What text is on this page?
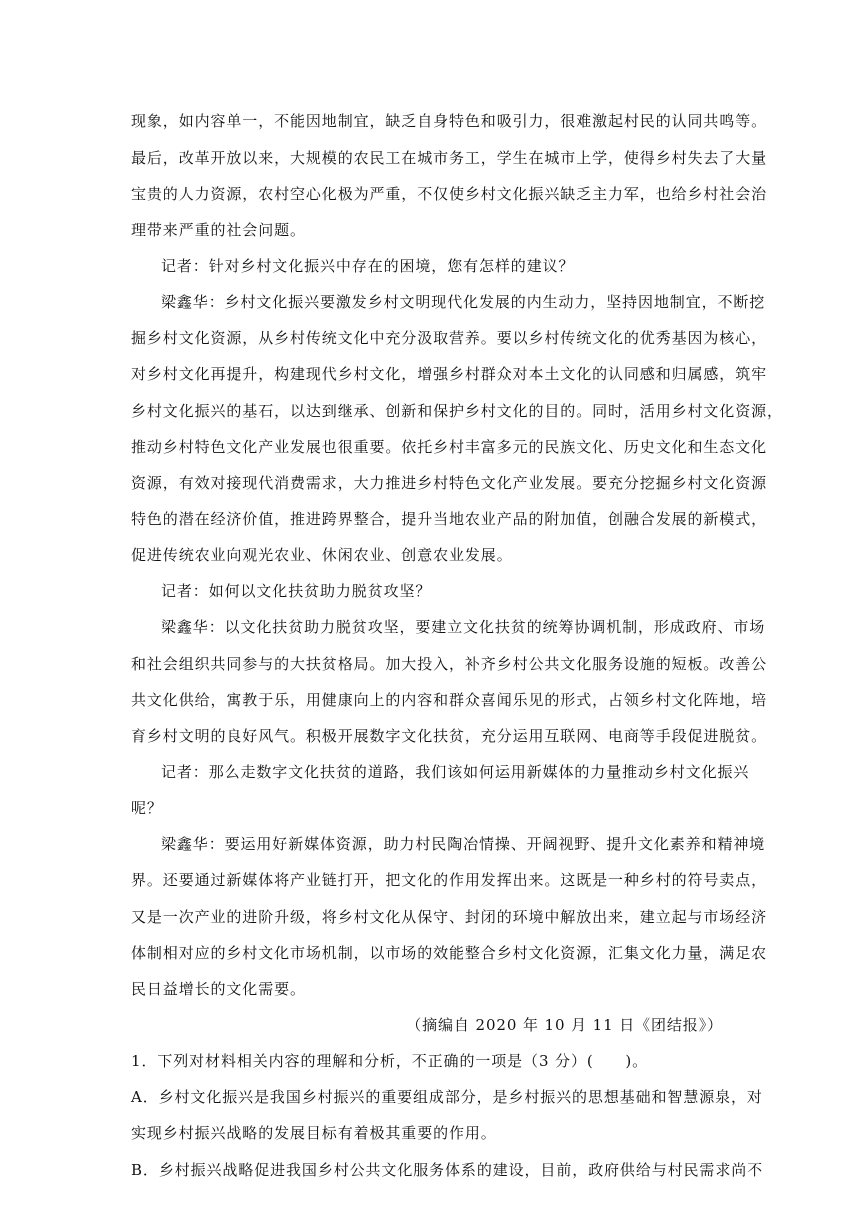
现象，如内容单一，不能因地制宜，缺乏自身特色和吸引力，很难激起村民的认同共鸣等。
最后，改革开放以来，大规模的农民工在城市务工，学生在城市上学，使得乡村失去了大量
宝贵的人力资源，农村空心化极为严重，不仅使乡村文化振兴缺乏主力军，也给乡村社会治
理带来严重的社会问题。
记者：针对乡村文化振兴中存在的困境，您有怎样的建议？
梁鑫华：乡村文化振兴要激发乡村文明现代化发展的内生动力，坚持因地制宜，不断挖
掘乡村文化资源，从乡村传统文化中充分汲取营养。要以乡村传统文化的优秀基因为核心，
对乡村文化再提升，构建现代乡村文化，增强乡村群众对本土文化的认同感和归属感，筑牢
乡村文化振兴的基石，以达到继承、创新和保护乡村文化的目的。同时，活用乡村文化资源，
推动乡村特色文化产业发展也很重要。依托乡村丰富多元的民族文化、历史文化和生态文化
资源，有效对接现代消费需求，大力推进乡村特色文化产业发展。要充分挖掘乡村文化资源
特色的潜在经济价值，推进跨界整合，提升当地农业产品的附加值，创融合发展的新模式，
促进传统农业向观光农业、休闲农业、创意农业发展。
记者：如何以文化扶贫助力脱贫攻坚？
梁鑫华：以文化扶贫助力脱贫攻坚，要建立文化扶贫的统筹协调机制，形成政府、市场
和社会组织共同参与的大扶贫格局。加大投入，补齐乡村公共文化服务设施的短板。改善公
共文化供给，寓教于乐，用健康向上的内容和群众喜闻乐见的形式，占领乡村文化阵地，培
育乡村文明的良好风气。积极开展数字文化扶贫，充分运用互联网、电商等手段促进脱贫。
记者：那么走数字文化扶贫的道路，我们该如何运用新媒体的力量推动乡村文化振兴
呢？
梁鑫华：要运用好新媒体资源，助力村民陶冶情操、开阔视野、提升文化素养和精神境
界。还要通过新媒体将产业链打开，把文化的作用发挥出来。这既是一种乡村的符号卖点，
又是一次产业的进阶升级，将乡村文化从保守、封闭的环境中解放出来，建立起与市场经济
体制相对应的乡村文化市场机制，以市场的效能整合乡村文化资源，汇集文化力量，满足农
民日益增长的文化需要。
（摘编自 2020 年 10 月 11 日《团结报》）
1．下列对材料相关内容的理解和分析，不正确的一项是（3 分）(　　)。
A．乡村文化振兴是我国乡村振兴的重要组成部分，是乡村振兴的思想基础和智慧源泉，对
实现乡村振兴战略的发展目标有着极其重要的作用。
B．乡村振兴战略促进我国乡村公共文化服务体系的建设，目前，政府供给与村民需求尚不
